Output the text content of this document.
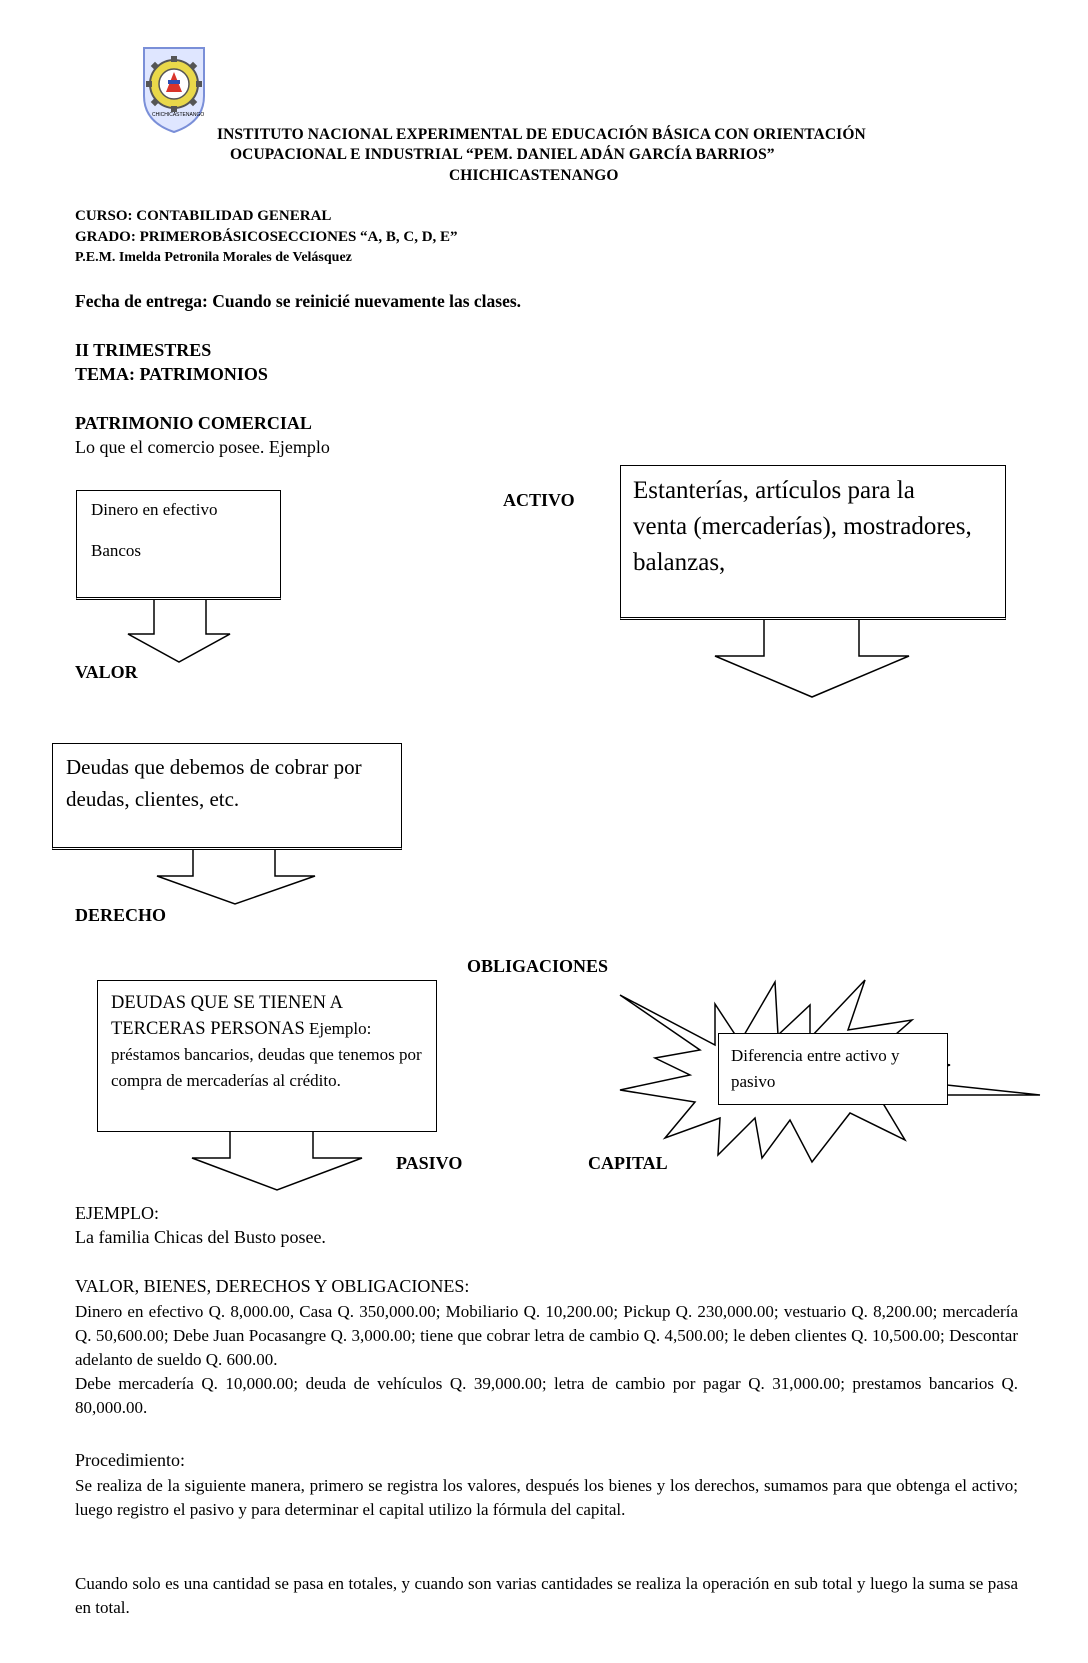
CHICHICASTENANGO
INSTITUTO NACIONAL EXPERIMENTAL DE EDUCACIÓN BÁSICA CON ORIENTACIÓN
OCUPACIONAL E INDUSTRIAL “PEM. DANIEL ADÁN GARCÍA BARRIOS”
CHICHICASTENANGO
CURSO: CONTABILIDAD GENERAL
GRADO: PRIMEROBÁSICOSECCIONES “A, B, C, D, E”
P.E.M. Imelda Petronila Morales de Velásquez
Fecha de entrega: Cuando se reinicié nuevamente las clases.
II TRIMESTRES
TEMA: PATRIMONIOS
PATRIMONIO COMERCIAL
Lo que el comercio posee. Ejemplo
Dinero en efectivo
Bancos
VALOR
ACTIVO Estanterías, artículos para la venta (mercaderías), mostradores, balanzas,
Deudas que debemos de cobrar por deudas, clientes, etc.
DERECHO
OBLIGACIONES
DEUDAS QUE SE TIENEN A TERCERAS PERSONAS Ejemplo: préstamos bancarios, deudas que tenemos por compra de mercaderías al crédito.
PASIVO
Diferencia entre activo y pasivo
CAPITAL
EJEMPLO:
La familia Chicas del Busto posee.
VALOR, BIENES, DERECHOS Y OBLIGACIONES:
Dinero en efectivo Q. 8,000.00, Casa Q. 350,000.00; Mobiliario Q. 10,200.00; Pickup Q. 230,000.00; vestuario Q. 8,200.00; mercadería Q. 50,600.00; Debe Juan Pocasangre Q. 3,000.00; tiene que cobrar letra de cambio Q. 4,500.00; le deben clientes Q. 10,500.00; Descontar adelanto de sueldo Q. 600.00.
Debe mercadería Q. 10,000.00; deuda de vehículos Q. 39,000.00; letra de cambio por pagar Q. 31,000.00; prestamos bancarios Q. 80,000.00.
Procedimiento:
Se realiza de la siguiente manera, primero se registra los valores, después los bienes y los derechos, sumamos para que obtenga el activo; luego registro el pasivo y para determinar el capital utilizo la fórmula del capital.
Cuando solo es una cantidad se pasa en totales, y cuando son varias cantidades se realiza la operación en sub total y luego la suma se pasa en total.
